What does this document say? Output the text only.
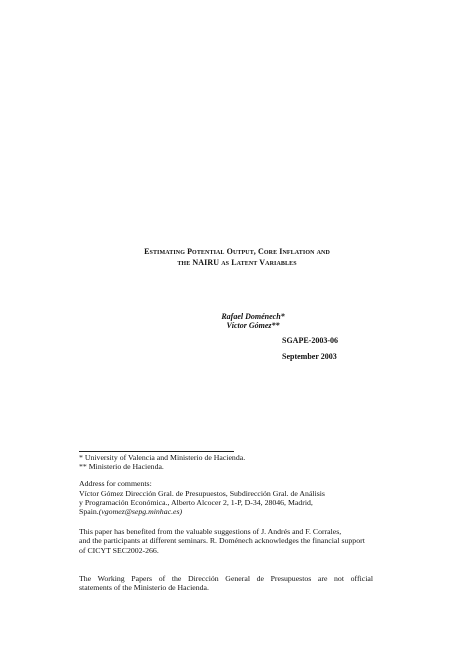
Estimating Potential Output, Core Inflation and
the NAIRU as Latent Variables
Rafael Doménech*
Víctor Gómez**
SGAPE-2003-06
September 2003
* University of Valencia and Ministerio de Hacienda.
** Ministerio de Hacienda.
Address for comments:
Víctor Gómez Dirección Gral. de Presupuestos, Subdirección Gral. de Análisis
y Programación Económica., Alberto Alcocer 2, 1-P, D-34, 28046, Madrid,
Spain.(vgomez@sepg.minhac.es)
This paper has benefited from the valuable suggestions of J. Andrés and F. Corrales,
and the participants at different seminars. R. Doménech acknowledges the financial support
of CICYT SEC2002-266.
The Working Papers of the Dirección General de Presupuestos are not official
statements of the Ministerio de Hacienda.
